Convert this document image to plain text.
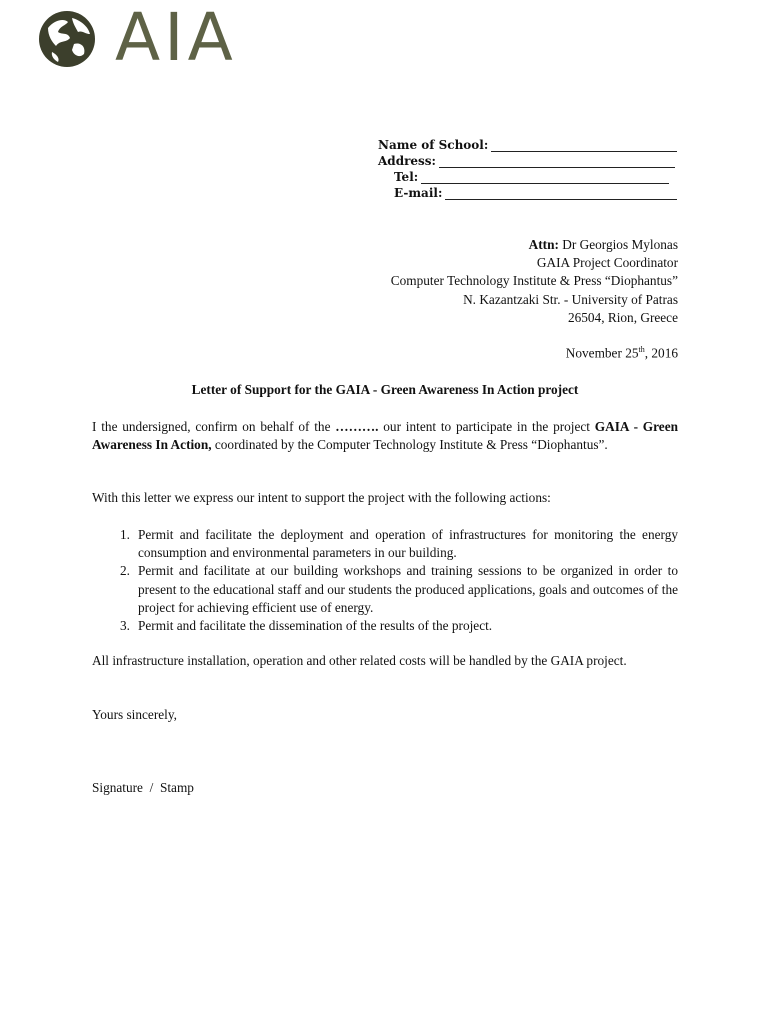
AIA
Name of School:
Address:
Tel:
E-mail:
Attn: Dr Georgios Mylonas
GAIA Project Coordinator
Computer Technology Institute & Press “Diophantus”
N. Kazantzaki Str. - University of Patras
26504, Rion, Greece
November 25th, 2016
Letter of Support for the GAIA - Green Awareness In Action project
I the undersigned, confirm on behalf of the ………. our intent to participate in the project GAIA - Green Awareness In Action, coordinated by the Computer Technology Institute & Press “Diophantus”.
With this letter we express our intent to support the project with the following actions:
1. Permit and facilitate the deployment and operation of infrastructures for monitoring the energy consumption and environmental parameters in our building.
2. Permit and facilitate at our building workshops and training sessions to be organized in order to present to the educational staff and our students the produced applications, goals and outcomes of the project for achieving efficient use of energy.
3. Permit and facilitate the dissemination of the results of the project.
All infrastructure installation, operation and other related costs will be handled by the GAIA project.
Yours sincerely,
Signature  /  Stamp
